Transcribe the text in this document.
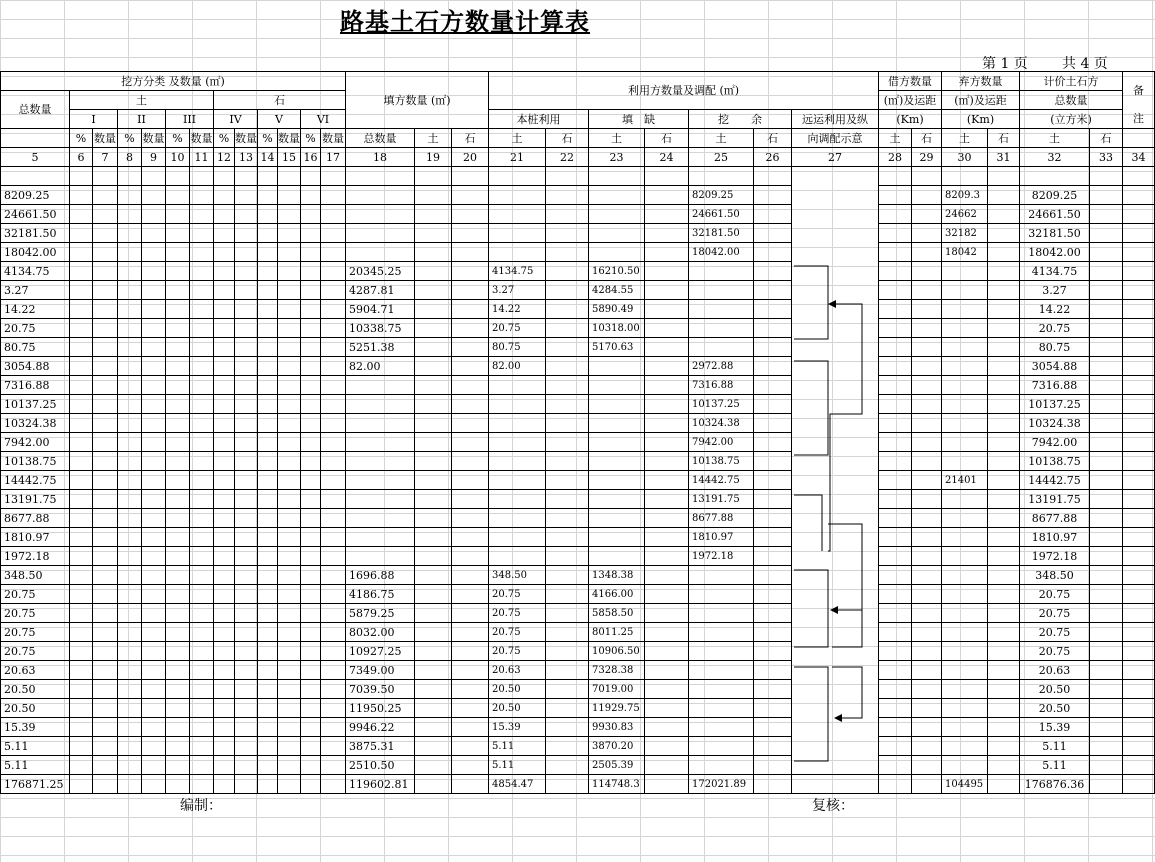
路基土石方数量计算表
第 1 页 共 4 页
挖方分类 及数量 (㎡)													填方数量 (㎡)			利用方数量及调配 (㎡)							借方数量		弃方数量		计价土石方		备
总数量	土						石																(㎡)及运距		(㎡)及运距		总数量		
	I		II		III		IV		V		VI					本桩利用		填　缺		挖　　余		远运利用及纵	(Km)		(Km)		(立方米)		注
	%	数量	%	数量	%	数量	%	数量	%	数量	%	数量	总数量	土	石	土	石	土	石	土	石	向调配示意	土	石	土	石	土	石	
5	6	7	8	9	10	11	12	13	14	15	16	17	18	19	20	21	22	23	24	25	26	27	28	29	30	31	32	33	34

8209.25																				8209.25					8209.3		8209.25		
24661.50																				24661.50					24662		24661.50		
32181.50																				32181.50					32182		32181.50		
18042.00																				18042.00					18042		18042.00		
4134.75													20345.25			4134.75		16210.50									4134.75		
3.27													4287.81			3.27		4284.55									3.27		
14.22													5904.71			14.22		5890.49									14.22		
20.75													10338.75			20.75		10318.00									20.75		
80.75													5251.38			80.75		5170.63									80.75		
3054.88													82.00			82.00				2972.88							3054.88		
7316.88																				7316.88							7316.88		
10137.25																				10137.25							10137.25		
10324.38																				10324.38							10324.38		
7942.00																				7942.00							7942.00		
10138.75																				10138.75							10138.75		
14442.75																				14442.75					21401		14442.75		
13191.75																				13191.75							13191.75		
8677.88																				8677.88							8677.88		
1810.97																				1810.97							1810.97		
1972.18																				1972.18							1972.18		
348.50													1696.88			348.50		1348.38									348.50		
20.75													4186.75			20.75		4166.00									20.75		
20.75													5879.25			20.75		5858.50									20.75		
20.75													8032.00			20.75		8011.25									20.75		
20.75													10927.25			20.75		10906.50									20.75		
20.63													7349.00			20.63		7328.38									20.63		
20.50													7039.50			20.50		7019.00									20.50		
20.50													11950.25			20.50		11929.75									20.50		
15.39													9946.22			15.39		9930.83									15.39		
5.11													3875.31			5.11		3870.20									5.11		
5.11													2510.50			5.11		2505.39									5.11		
176871.25													119602.81			4854.47		114748.3		172021.89					104495		176876.36		
编制：	复核：
